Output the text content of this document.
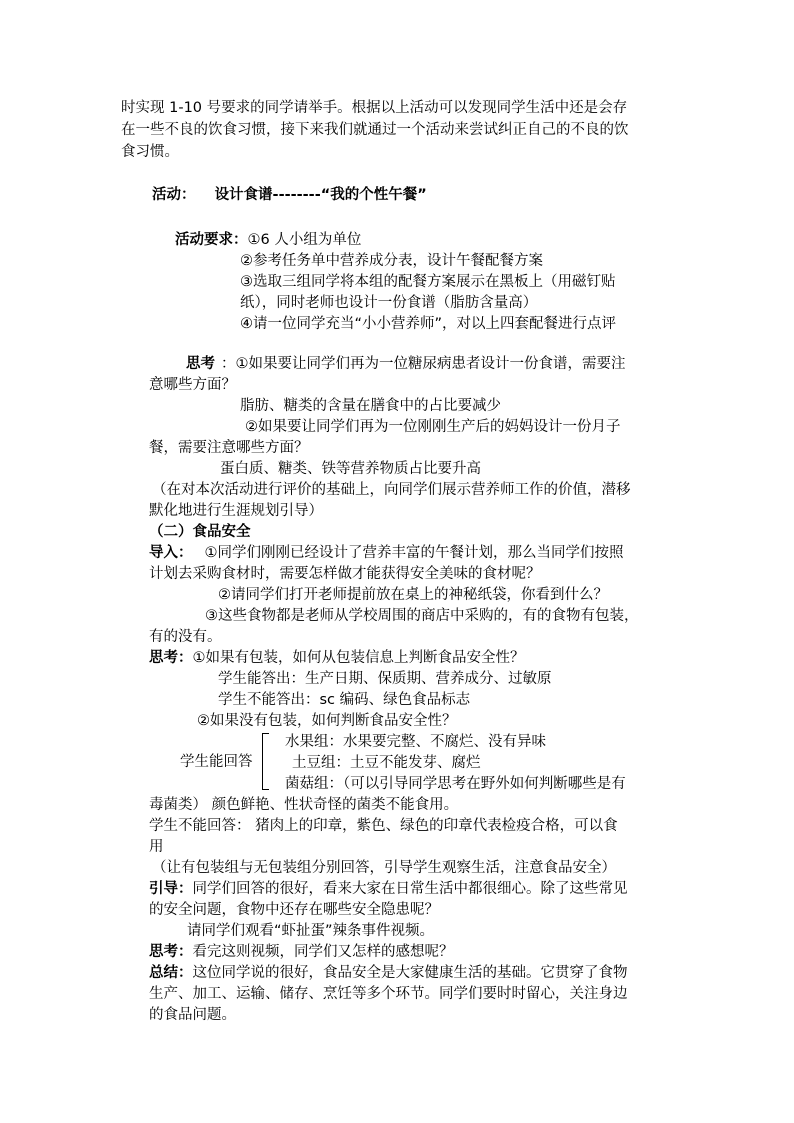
时实现 1-10 号要求的同学请举手。根据以上活动可以发现同学生活中还是会存
在一些不良的饮食习惯，接下来我们就通过一个活动来尝试纠正自己的不良的饮
食习惯。
活动： 设计食谱--------“我的个性午餐”
活动要求：①6 人小组为单位
②参考任务单中营养成分表，设计午餐配餐方案
③选取三组同学将本组的配餐方案展示在黑板上（用磁钉贴
纸），同时老师也设计一份食谱（脂肪含量高）
④请一位同学充当“小小营养师”，对以上四套配餐进行点评
思考 ：①如果要让同学们再为一位糖尿病患者设计一份食谱，需要注
意哪些方面？
脂肪、糖类的含量在膳食中的占比要减少
②如果要让同学们再为一位刚刚生产后的妈妈设计一份月子
餐，需要注意哪些方面？
蛋白质、糖类、铁等营养物质占比要升高
（在对本次活动进行评价的基础上，向同学们展示营养师工作的价值，潜移
默化地进行生涯规划引导）
（二）食品安全
导入： ①同学们刚刚已经设计了营养丰富的午餐计划，那么当同学们按照
计划去采购食材时，需要怎样做才能获得安全美味的食材呢？
②请同学们打开老师提前放在桌上的神秘纸袋，你看到什么？
③这些食物都是老师从学校周围的商店中采购的，有的食物有包装，
有的没有。
思考：①如果有包装，如何从包装信息上判断食品安全性？
学生能答出：生产日期、保质期、营养成分、过敏原
学生不能答出：sc 编码、绿色食品标志
②如果没有包装，如何判断食品安全性？
学生能回答
水果组：水果要完整、不腐烂、没有异味
土豆组：土豆不能发芽、腐烂
菌菇组：（可以引导同学思考在野外如何判断哪些是有
毒菌类） 颜色鲜艳、性状奇怪的菌类不能食用。
学生不能回答： 猪肉上的印章，紫色、绿色的印章代表检疫合格，可以食
用
（让有包装组与无包装组分别回答，引导学生观察生活，注意食品安全）
引导：同学们回答的很好，看来大家在日常生活中都很细心。除了这些常见
的安全问题，食物中还存在哪些安全隐患呢？
请同学们观看“虾扯蛋”辣条事件视频。
思考：看完这则视频，同学们又怎样的感想呢？
总结：这位同学说的很好，食品安全是大家健康生活的基础。它贯穿了食物
生产、加工、运输、储存、烹饪等多个环节。同学们要时时留心，关注身边
的食品问题。
